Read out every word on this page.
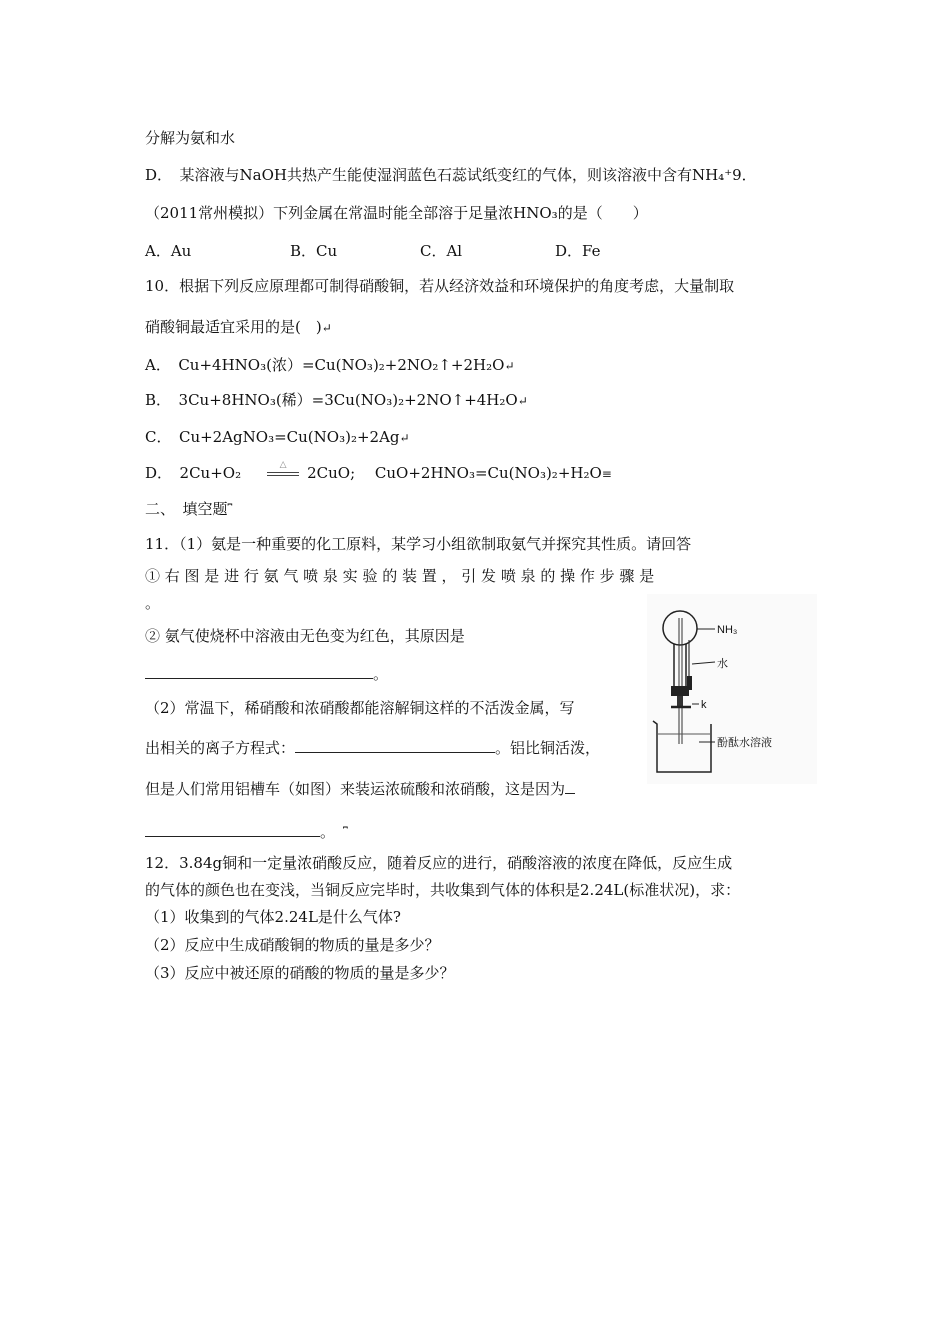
分解为氨和水
D．　某溶液与NaOH共热产生能使湿润蓝色石蕊试纸变红的气体，则该溶液中含有NH₄⁺9．
（2011常州模拟）下列金属在常温时能全部溶于足量浓HNO₃的是（　　）
A．Au	B．Cu	C．Al	D．Fe
10．根据下列反应原理都可制得硝酸铜，若从经济效益和环境保护的角度考虑，大量制取
硝酸铜最适宜采用的是(　)↵
A．　Cu+4HNO₃(浓）=Cu(NO₃)₂+2NO₂↑+2H₂O↵
B．　3Cu+8HNO₃(稀）=3Cu(NO₃)₂+2NO↑+4H₂O↵
C．　Cu+2AgNO₃=Cu(NO₃)₂+2Ag↵
D．　2Cu+O₂	△	2CuO;　 CuO+2HNO₃=Cu(NO₃)₂+H₂O≡
二、　填空题⎴
11．（1）氨是一种重要的化工原料，某学习小组欲制取氨气并探究其性质。请回答
① 右 图 是 进 行 氨 气 喷 泉 实 验 的 装 置 ， 引 发 喷 泉 的 操 作 步 骤 是
。
② 氨气使烧杯中溶液由无色变为红色，其原因是
。
（2）常温下，稀硝酸和浓硝酸都能溶解铜这样的不活泼金属，写
出相关的离子方程式：	。铝比铜活泼，
但是人们常用铝槽车（如图）来装运浓硫酸和浓硝酸，这是因为
。 ⎴
12．3.84g铜和一定量浓硝酸反应，随着反应的进行，硝酸溶液的浓度在降低，反应生成
的气体的颜色也在变浅，当铜反应完毕时，共收集到气体的体积是2.24L(标准状况)，求：
（1）收集到的气体2.24L是什么气体?
（2）反应中生成硝酸铜的物质的量是多少？
（3）反应中被还原的硝酸的物质的量是多少？
NH₃
水
k
酚酞水溶液
